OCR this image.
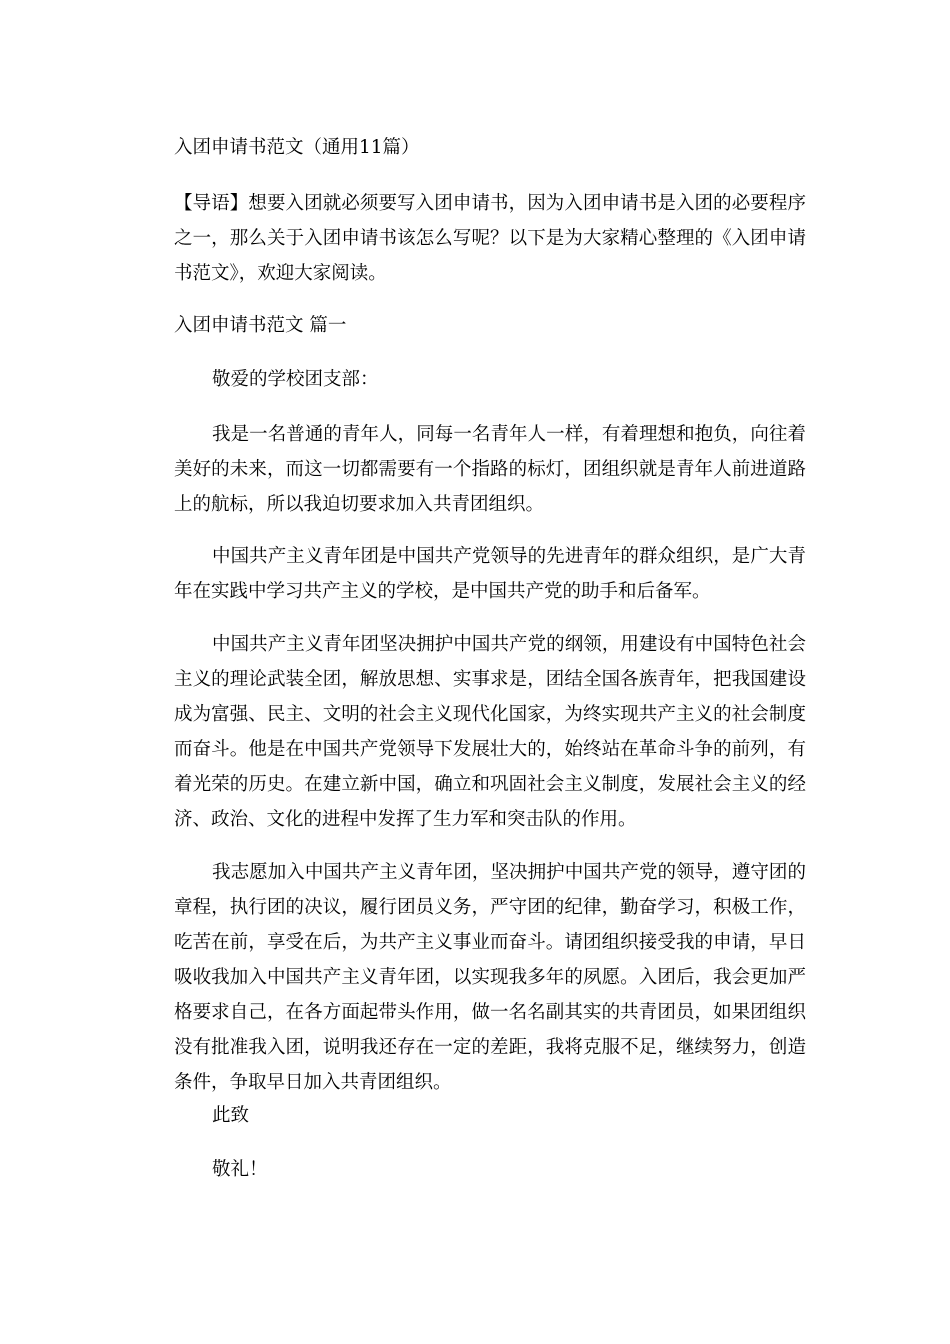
入团申请书范文（通用11篇）
【导语】想要入团就必须要写入团申请书，因为入团申请书是入团的必要程序之一，那么关于入团申请书该怎么写呢？以下是为大家精心整理的《入团申请书范文》，欢迎大家阅读。
入团申请书范文 篇一
敬爱的学校团支部：
我是一名普通的青年人，同每一名青年人一样，有着理想和抱负，向往着美好的未来，而这一切都需要有一个指路的标灯，团组织就是青年人前进道路上的航标，所以我迫切要求加入共青团组织。
中国共产主义青年团是中国共产党领导的先进青年的群众组织，是广大青年在实践中学习共产主义的学校，是中国共产党的助手和后备军。
中国共产主义青年团坚决拥护中国共产党的纲领，用建设有中国特色社会主义的理论武装全团，解放思想、实事求是，团结全国各族青年，把我国建设成为富强、民主、文明的社会主义现代化国家，为终实现共产主义的社会制度而奋斗。他是在中国共产党领导下发展壮大的，始终站在革命斗争的前列，有着光荣的历史。在建立新中国，确立和巩固社会主义制度，发展社会主义的经济、政治、文化的进程中发挥了生力军和突击队的作用。
我志愿加入中国共产主义青年团，坚决拥护中国共产党的领导，遵守团的章程，执行团的决议，履行团员义务，严守团的纪律，勤奋学习，积极工作，吃苦在前，享受在后，为共产主义事业而奋斗。请团组织接受我的申请，早日吸收我加入中国共产主义青年团，以实现我多年的夙愿。入团后，我会更加严格要求自己，在各方面起带头作用，做一名名副其实的共青团员，如果团组织没有批准我入团，说明我还存在一定的差距，我将克服不足，继续努力，创造条件，争取早日加入共青团组织。
此致
敬礼！
